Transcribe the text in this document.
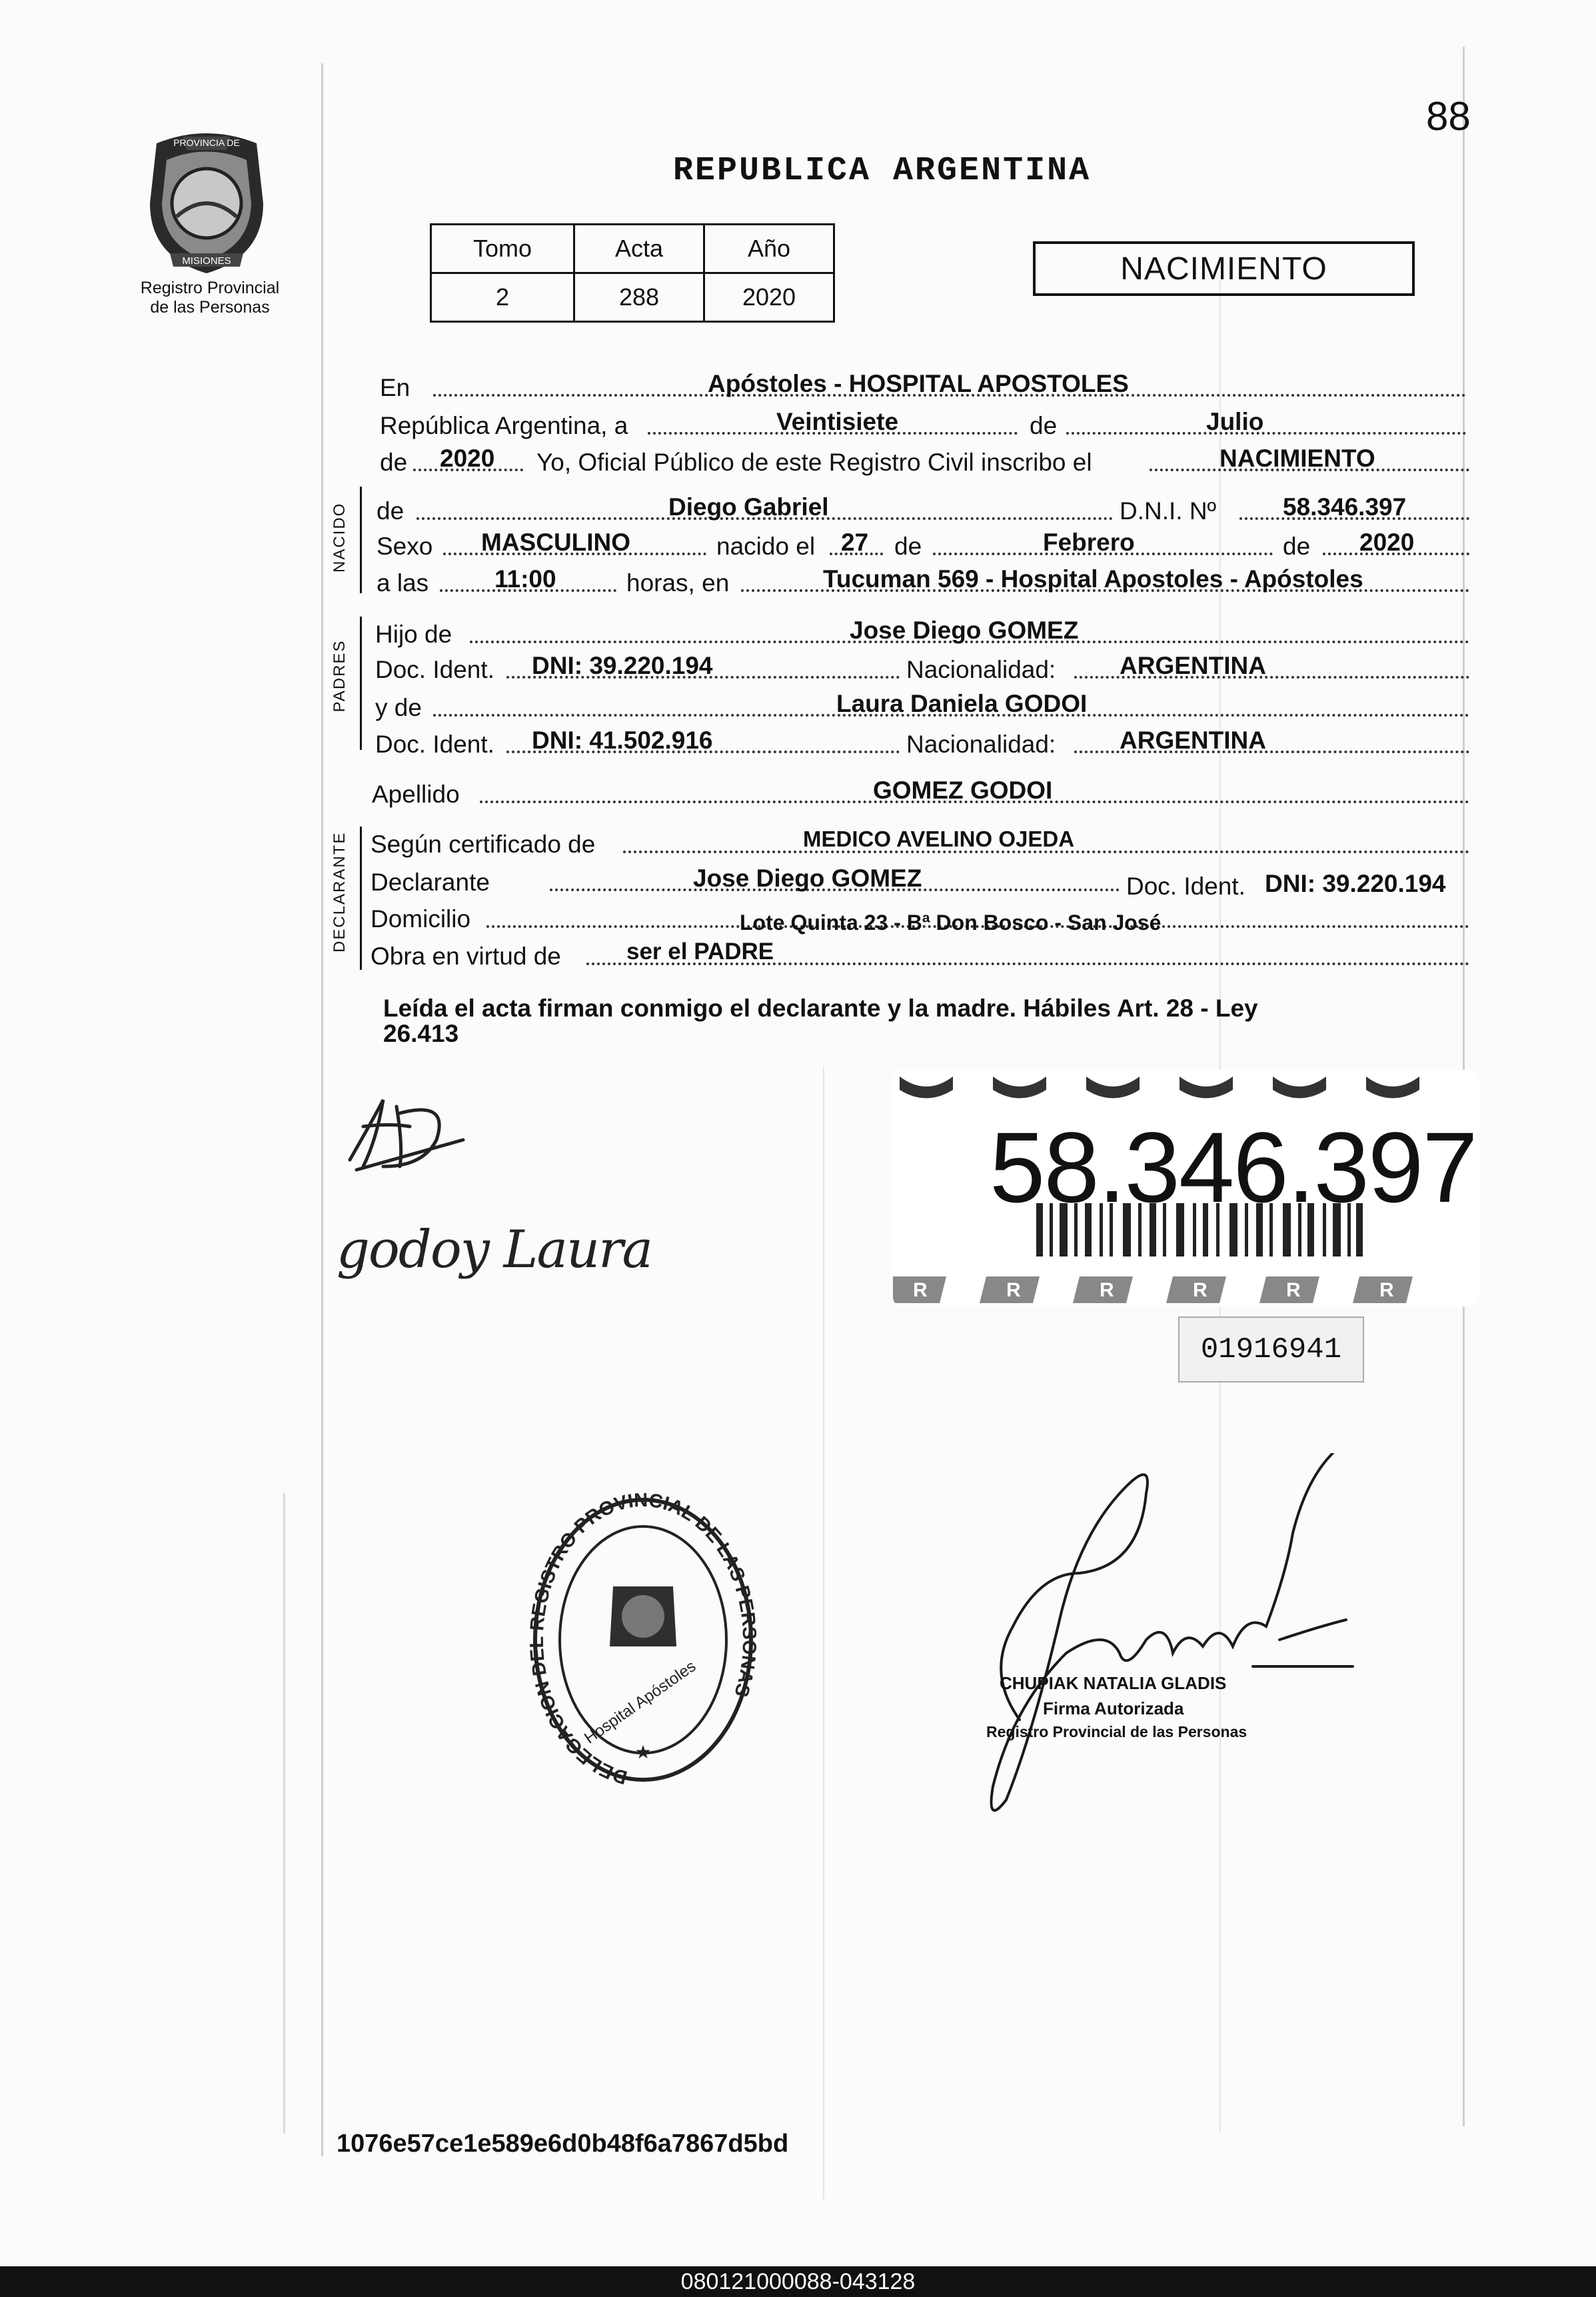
88
PROVINCIA DE
MISIONES
Registro Provincial
de las Personas
REPUBLICA ARGENTINA
Tomo	Acta	Año
2	288	2020
NACIMIENTO
NACIDO
PADRES
DECLARANTE
En	Apóstoles - HOSPITAL APOSTOLES
República Argentina, a	Veintisiete	de	Julio
de 2020 Yo, Oficial Público de este Registro Civil inscribo el	NACIMIENTO
de	Diego Gabriel	D.N.I. Nº	58.346.397
Sexo MASCULINO	nacido el 27 de	Febrero	de 2020
a las	11:00	horas, en	Tucuman 569 - Hospital Apostoles - Apóstoles
Hijo de	Jose Diego GOMEZ
Doc. Ident. DNI: 39.220.194	Nacionalidad:	ARGENTINA
y de	Laura Daniela GODOI
Doc. Ident. DNI: 41.502.916	Nacionalidad:	ARGENTINA
Apellido	GOMEZ GODOI
Según certificado de	MEDICO AVELINO OJEDA
Declarante	Jose Diego GOMEZ	Doc. Ident. DNI: 39.220.194
Domicilio	Lote Quinta 23 - Bª Don Bosco - San José
Obra en virtud de	ser el PADRE
Leída el acta firman conmigo el declarante y la madre. Hábiles Art. 28 - Ley
26.413
godoy Laura
R	R	R	R	R	R
58.346.397
01916941
DELEGACION D EGISTRO PROVINCIAL DE LAS PE AS
Hospital Apóstoles
★
CHUPIAK NATALIA GLADIS
Firma Autorizada
Registro Provincial de las Personas
1076e57ce1e589e6d0b48f6a7867d5bd
080121000088-043128
